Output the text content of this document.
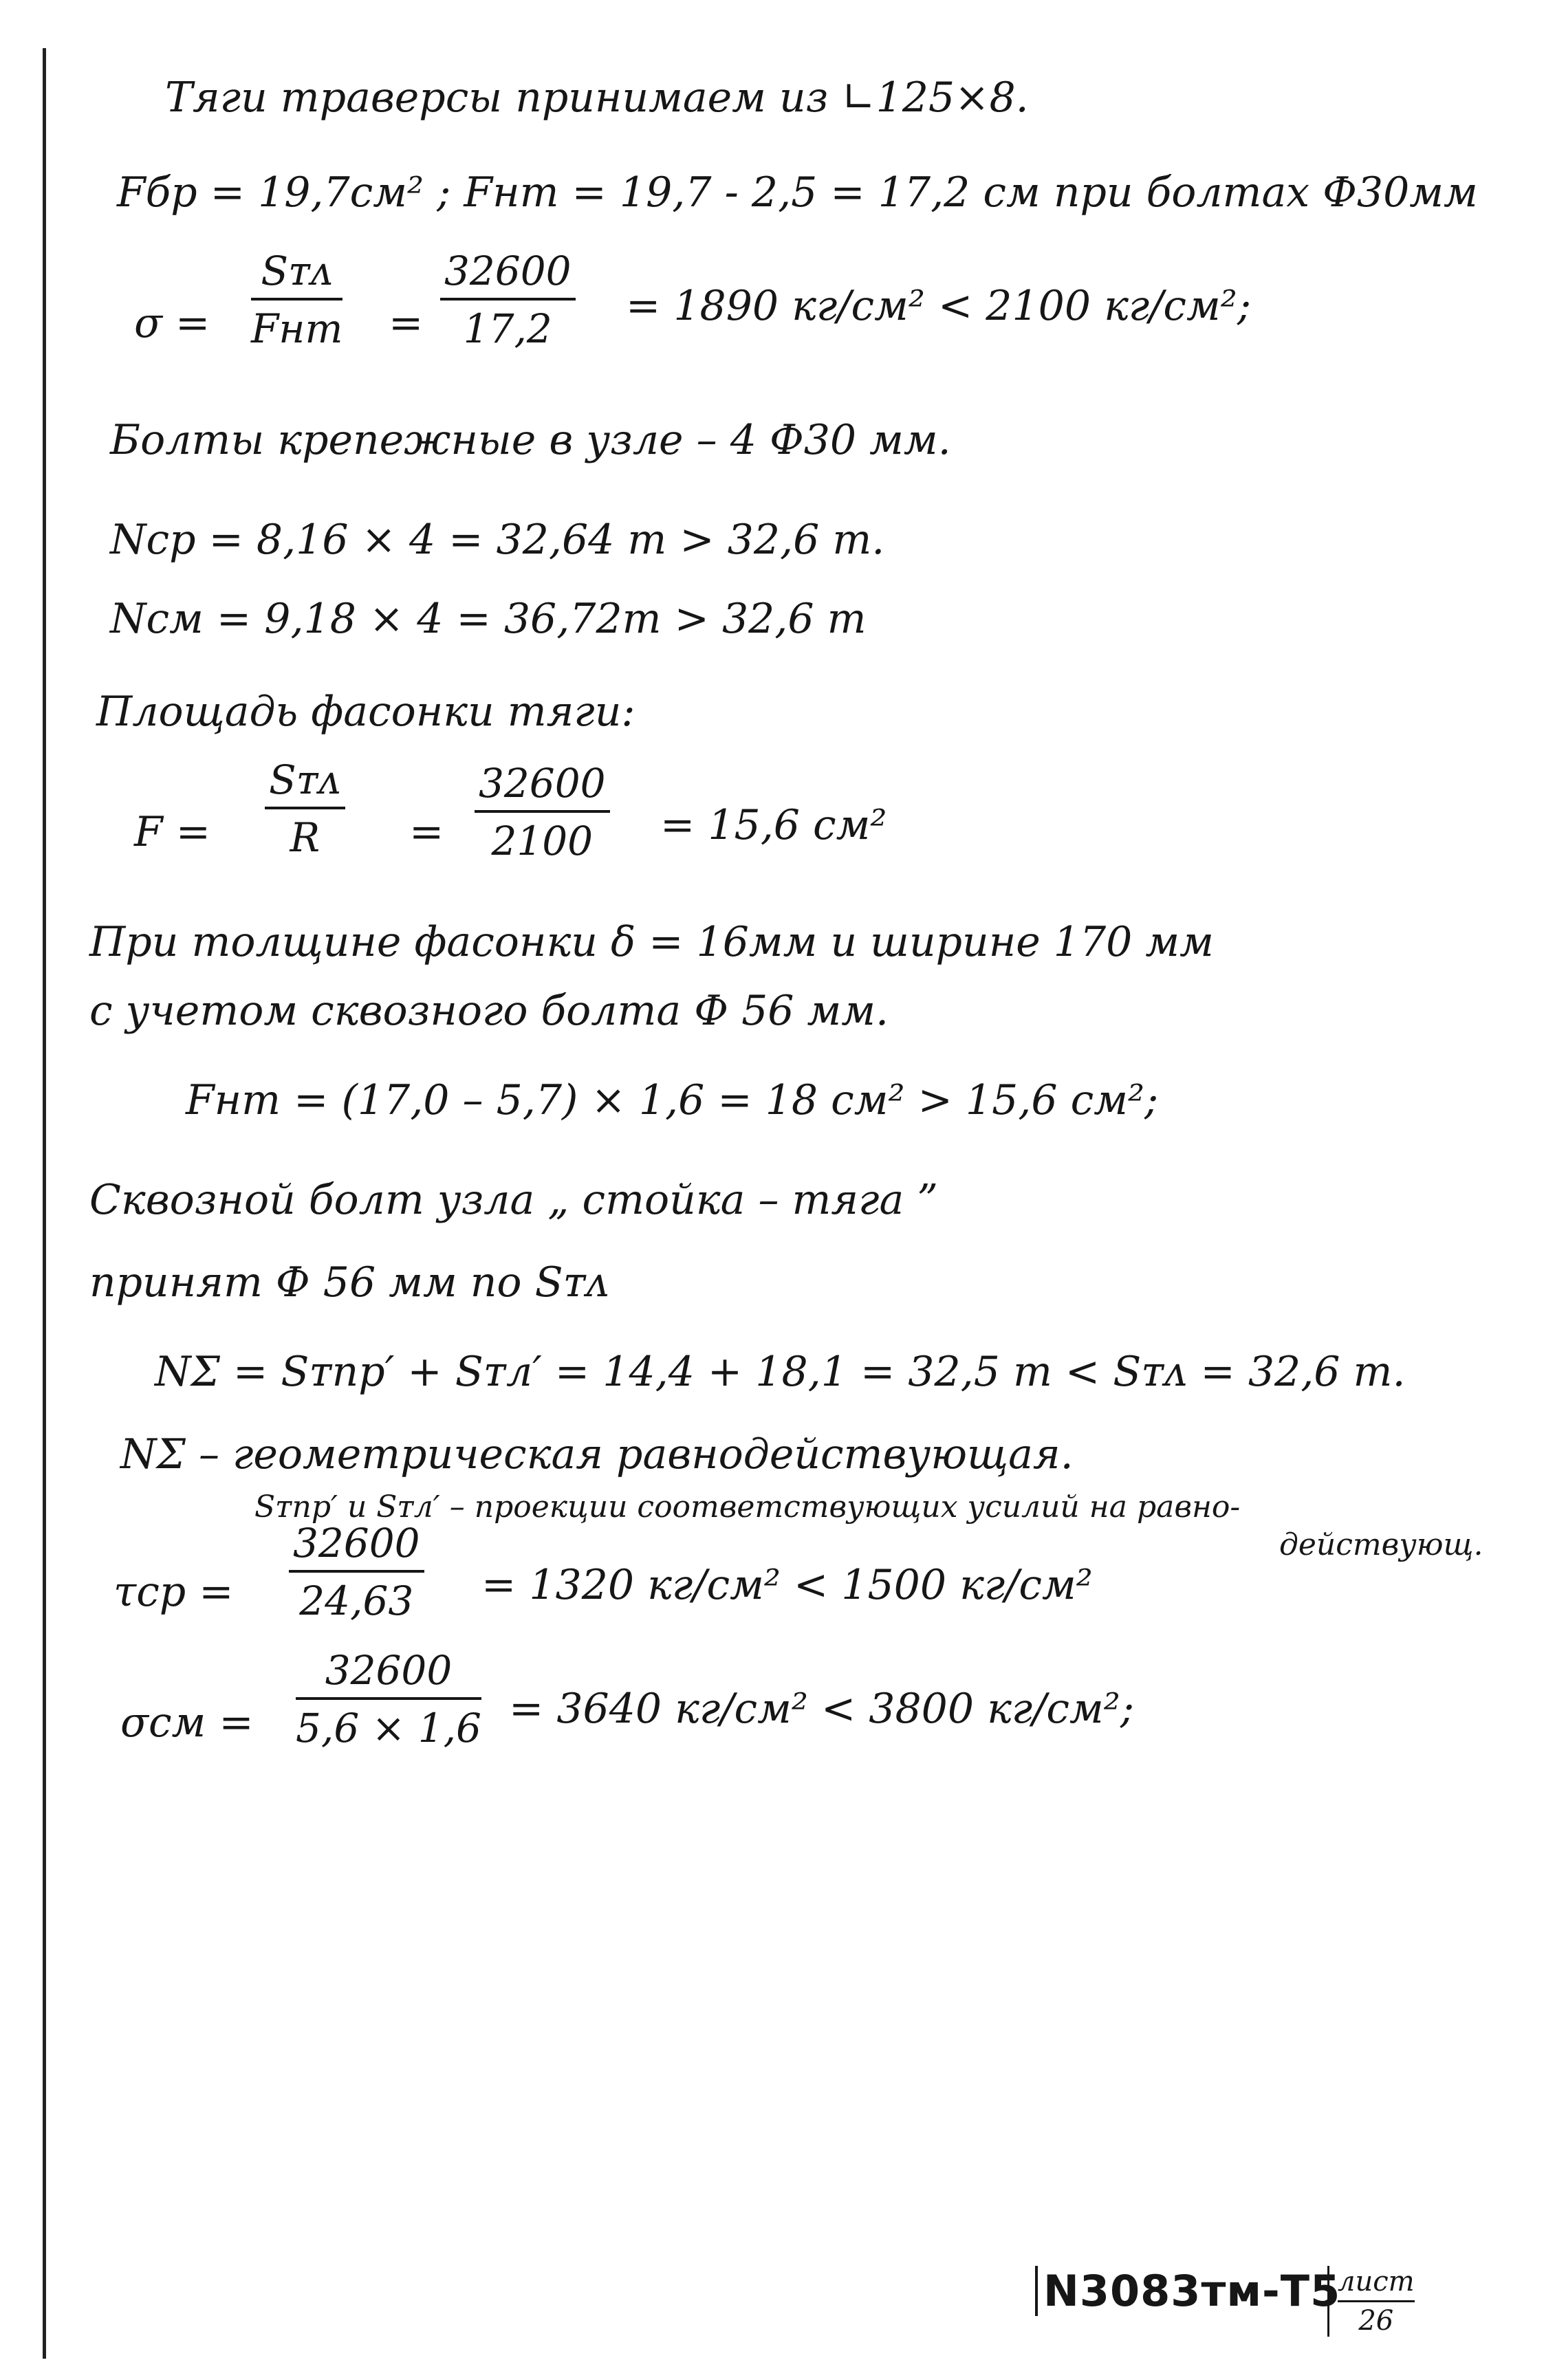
Тяги траверсы принимаем из ∟125×8.
Fбр = 19,7см² ; Fнт = 19,7 - 2,5 = 17,2 см при болтах Ф30мм
σ =
Sᴛᴧ
Fнт = $\frac{32600}{17,2} = 1890$ кг/см² < 2100 кг/см²;
Болты крепежные в узле – 4 Ф30 мм.
Nср = 8,16 × 4 = 32,64 т > 32,6 т.
Nсм = 9,18 × 4 = 36,72т > 32,6 т
Площадь фасонки тяги:
F =
Sᴛᴧ
R	= $\frac{32600}{2100} = 15,6$ см²
При толщине фасонки δ = 16мм и ширине 170 мм
с учетом сквозного болта Ф 56 мм.
Fнт = (17,0 – 5,7) × 1,6 = 18 см² > 15,6 см²;
Сквозной болт узла „ стойка – тяга ”
принят Ф 56 мм по Sᴛᴧ
NΣ = Sᴛпр′ + Sᴛл′ = 14,4 + 18,1 = 32,5 т < Sᴛᴧ = 32,6 т.
NΣ – геометрическая равнодействующая.
Sᴛпр′ и Sᴛл′ – проекции соответствующих усилий на равно-
действующ.
$\tau ср = \frac{32600}{24,63} = 1320$ кг/см² < 1500 кг/см²
$\sigma см = \frac{32600}{5,6 \times 1,6} = 3640$ кг/см² < 3800 кг/см²;
N3083тм-Т5
лист
26
